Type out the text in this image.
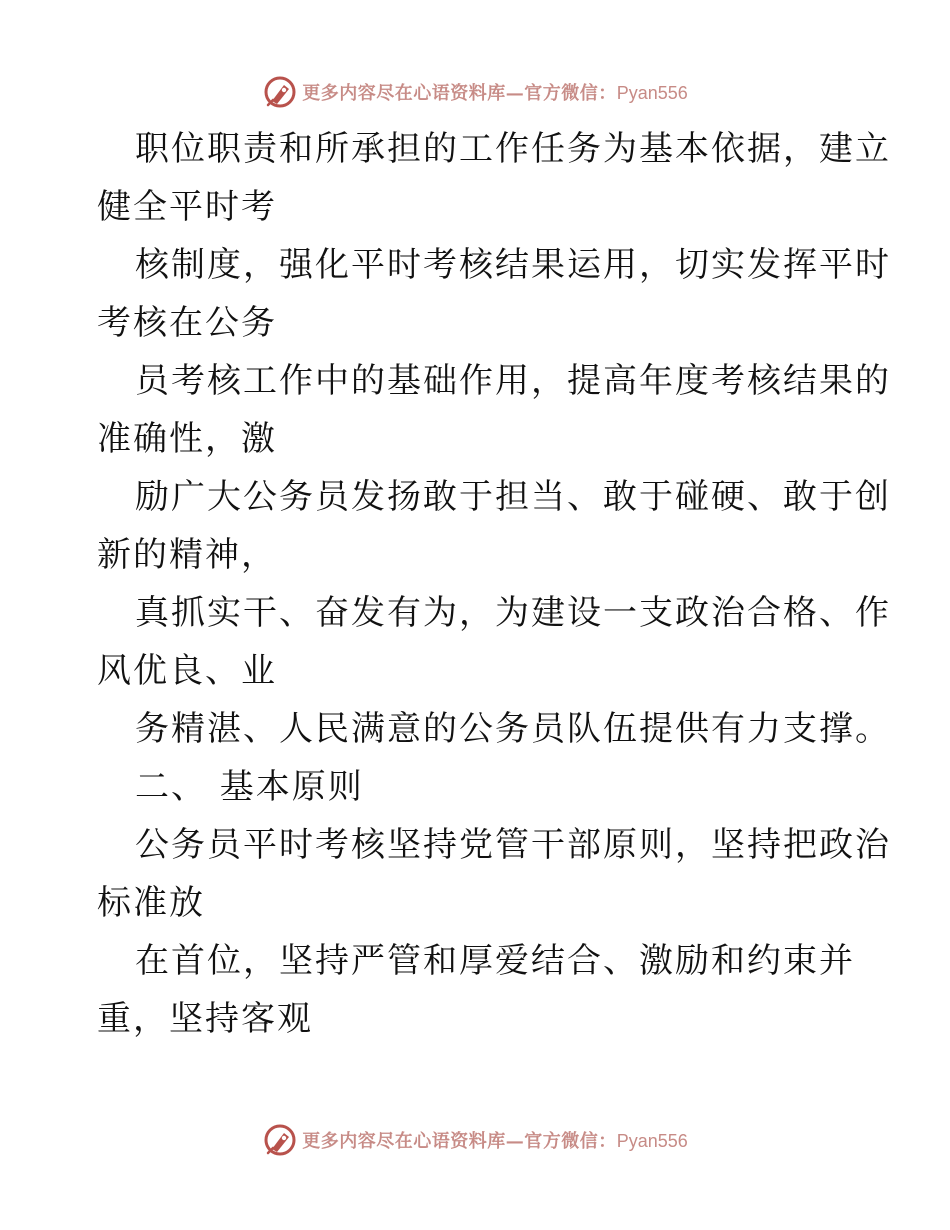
更多内容尽在心语资料库—官方微信：Pyan556
职位职责和所承担的工作任务为基本依据，建立
健全平时考
核制度，强化平时考核结果运用，切实发挥平时
考核在公务
员考核工作中的基础作用，提高年度考核结果的
准确性，激
励广大公务员发扬敢于担当、敢于碰硬、敢于创
新的精神，
真抓实干、奋发有为，为建设一支政治合格、作
风优良、业
务精湛、人民满意的公务员队伍提供有力支撑。
二、 基本原则
公务员平时考核坚持党管干部原则，坚持把政治
标准放
在首位，坚持严管和厚爱结合、激励和约束并
重，坚持客观
更多内容尽在心语资料库—官方微信：Pyan556
